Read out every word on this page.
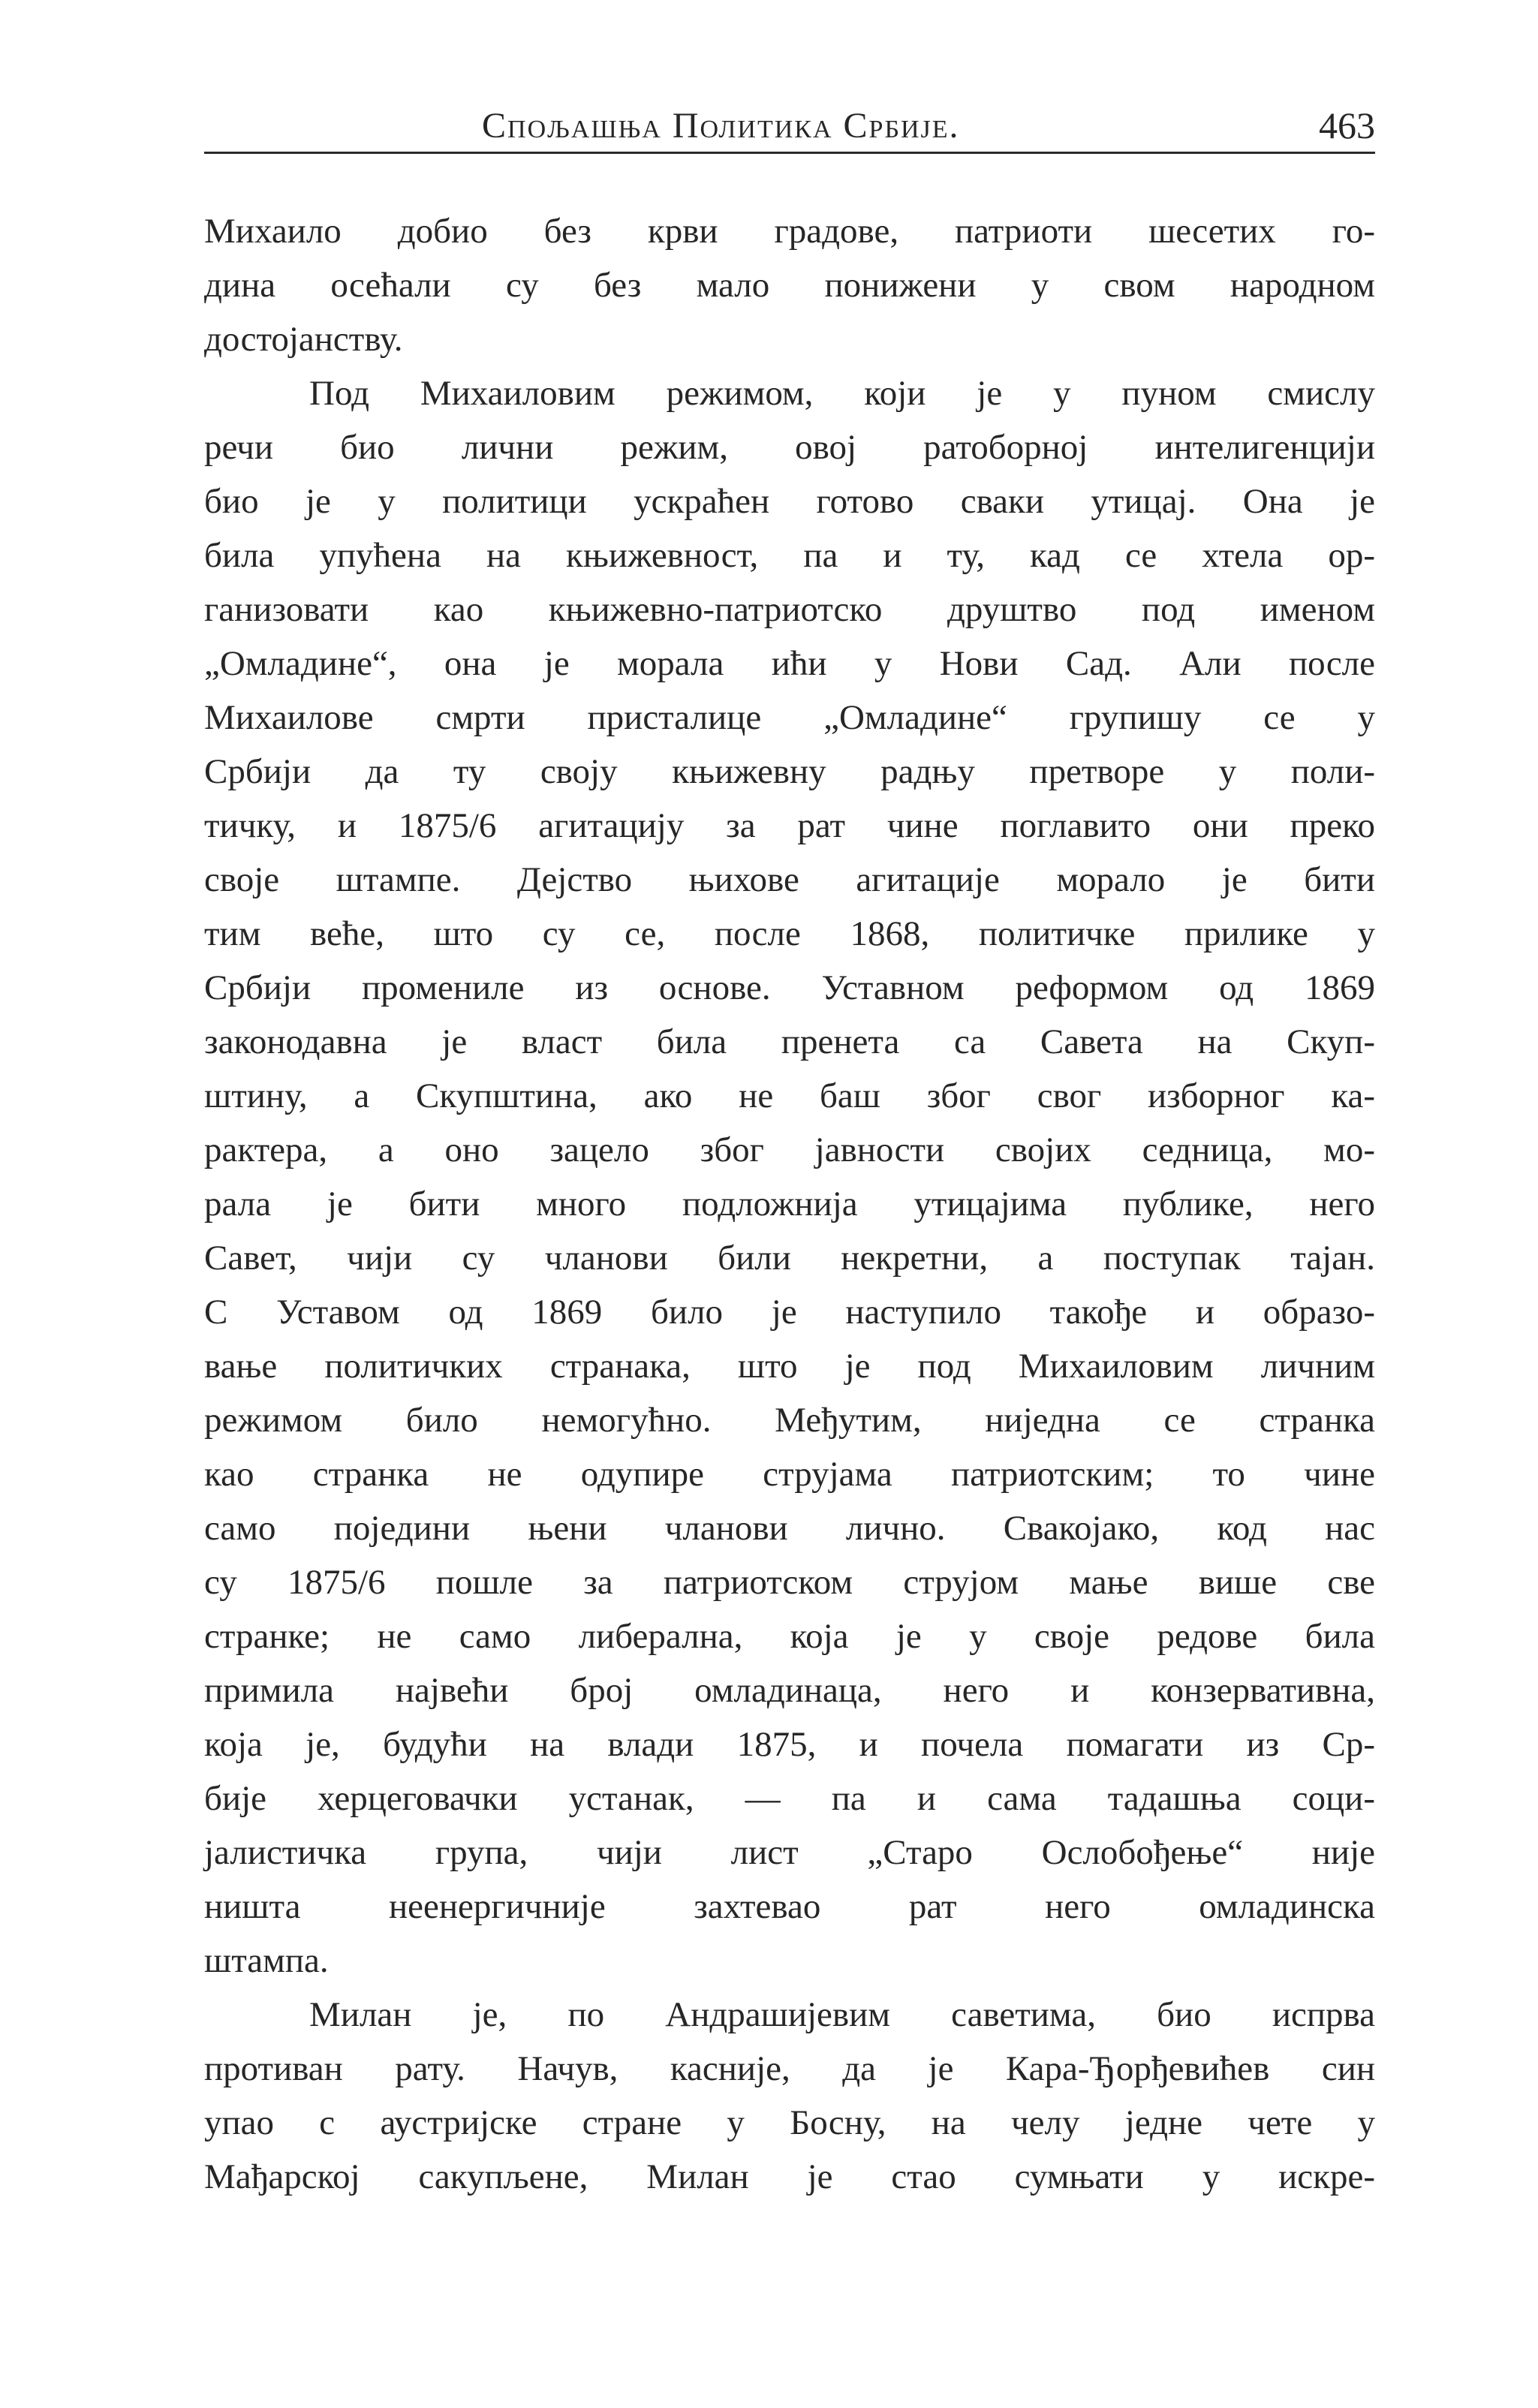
Спољашња Политика Србије.	463
Михаило добио без крви градове, патриоти шесетих го-
дина осећали су без мало понижени у свом народном
достојанству.
Под Михаиловим режимом, који је у пуном смислу
речи био лични режим, овој ратоборној интелигенцији
био је у политици ускраћен готово сваки утицај. Она је
била упућена на књижевност, па и ту, кад се хтела ор-
ганизовати као књижевно-патриотско друштво под именом
„Омладине“, она је морала ићи у Нови Сад. Али после
Михаилове смрти присталице „Омладине“ групишу се у
Србији да ту своју књижевну радњу претворе у поли-
тичку, и 1875/6 агитацију за рат чине поглавито они преко
своје штампе. Дејство њихове агитације морало је бити
тим веће, што су се, после 1868, политичке прилике у
Србији промениле из основе. Уставном реформом од 1869
законодавна је власт била пренета са Савета на Скуп-
штину, а Скупштина, ако не баш због свог изборног ка-
рактера, а оно зацело због јавности својих седница, мо-
рала је бити много подложнија утицајима публике, него
Савет, чији су чланови били некретни, а поступак тајан.
С Уставом од 1869 било је наступило такође и образо-
вање политичких странака, што је под Михаиловим личним
режимом било немогућно. Међутим, ниједна се странка
као странка не одупире струјама патриотским; то чине
само поједини њени чланови лично. Свакојако, код нас
су 1875/6 пошле за патриотском струјом мање више све
странке; не само либерална, која је у своје редове била
примила највећи број омладинаца, него и конзервативна,
која је, будући на влади 1875, и почела помагати из Ср-
бије херцеговачки устанак, — па и сама тадашња соци-
јалистичка група, чији лист „Старо Ослобођење“ није
ништа неенергичније захтевао рат него омладинска
штампа.
Милан је, по Андрашијевим саветима, био испрва
противан рату. Начув, касније, да је Кара-Ђорђевићев син
упао с аустријске стране у Босну, на челу једне чете у
Мађарској сакупљене, Милан је стао сумњати у искре-
